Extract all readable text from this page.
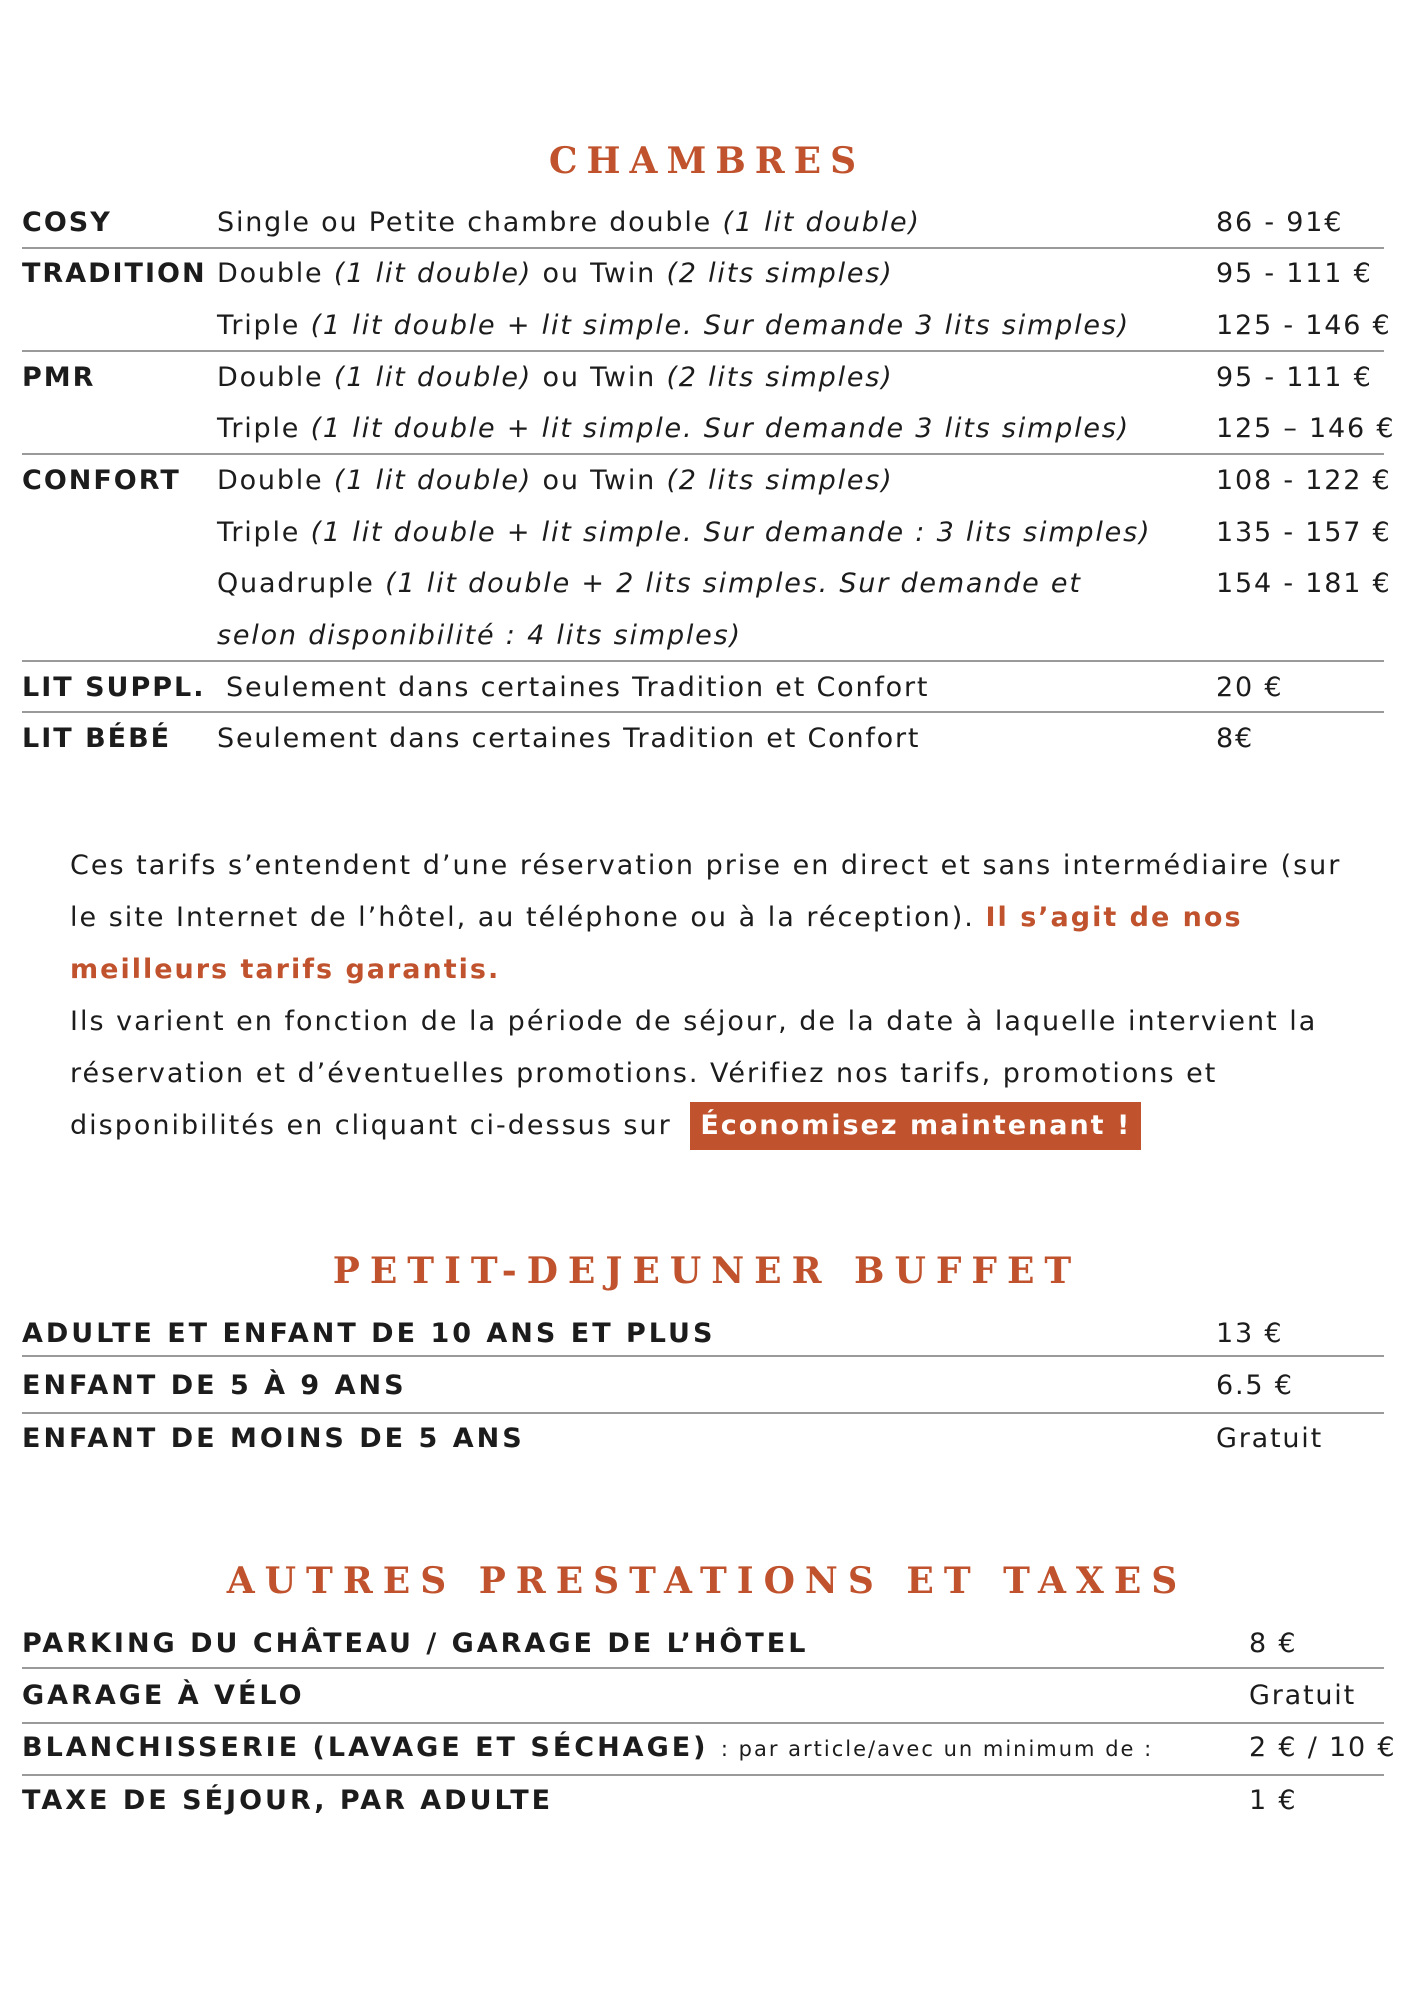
CHAMBRES
COSY	Single ou Petite chambre double (1 lit double)	86 - 91€
TRADITION Double (1 lit double) ou Twin (2 lits simples)	95 - 111 €
Triple (1 lit double + lit simple. Sur demande 3 lits simples)	125 - 146 €
PMR	Double (1 lit double) ou Twin (2 lits simples)	95 - 111 €
Triple (1 lit double + lit simple. Sur demande 3 lits simples)	125 – 146 €
CONFORT Double (1 lit double) ou Twin (2 lits simples)	108 - 122 €
Triple (1 lit double + lit simple. Sur demande : 3 lits simples) 135 - 157 €
Quadruple (1 lit double + 2 lits simples. Sur demande et	154 - 181 €
selon disponibilité : 4 lits simples)
LIT SUPPL. Seulement dans certaines Tradition et Confort	20 €
LIT BÉBÉ Seulement dans certaines Tradition et Confort	8€
Ces tarifs s’entendent d’une réservation prise en direct et sans intermédiaire (sur le site Internet de l’hôtel, au téléphone ou à la réception). Il s’agit de nos meilleurs tarifs garantis.
Ils varient en fonction de la période de séjour, de la date à laquelle intervient la réservation et d’éventuelles promotions. Vérifiez nos tarifs, promotions et disponibilités en cliquant ci-dessus sur Économisez maintenant !
PETIT-DEJEUNER BUFFET
ADULTE ET ENFANT DE 10 ANS ET PLUS	13 €
ENFANT DE 5 À 9 ANS	6.5 €
ENFANT DE MOINS DE 5 ANS	Gratuit
AUTRES PRESTATIONS ET TAXES
PARKING DU CHÂTEAU / GARAGE DE L’HÔTEL	8 €
GARAGE À VÉLO	Gratuit
BLANCHISSERIE (LAVAGE ET SÉCHAGE) : par article/avec un minimum de :	2 € / 10 €
TAXE DE SÉJOUR, PAR ADULTE	1 €
